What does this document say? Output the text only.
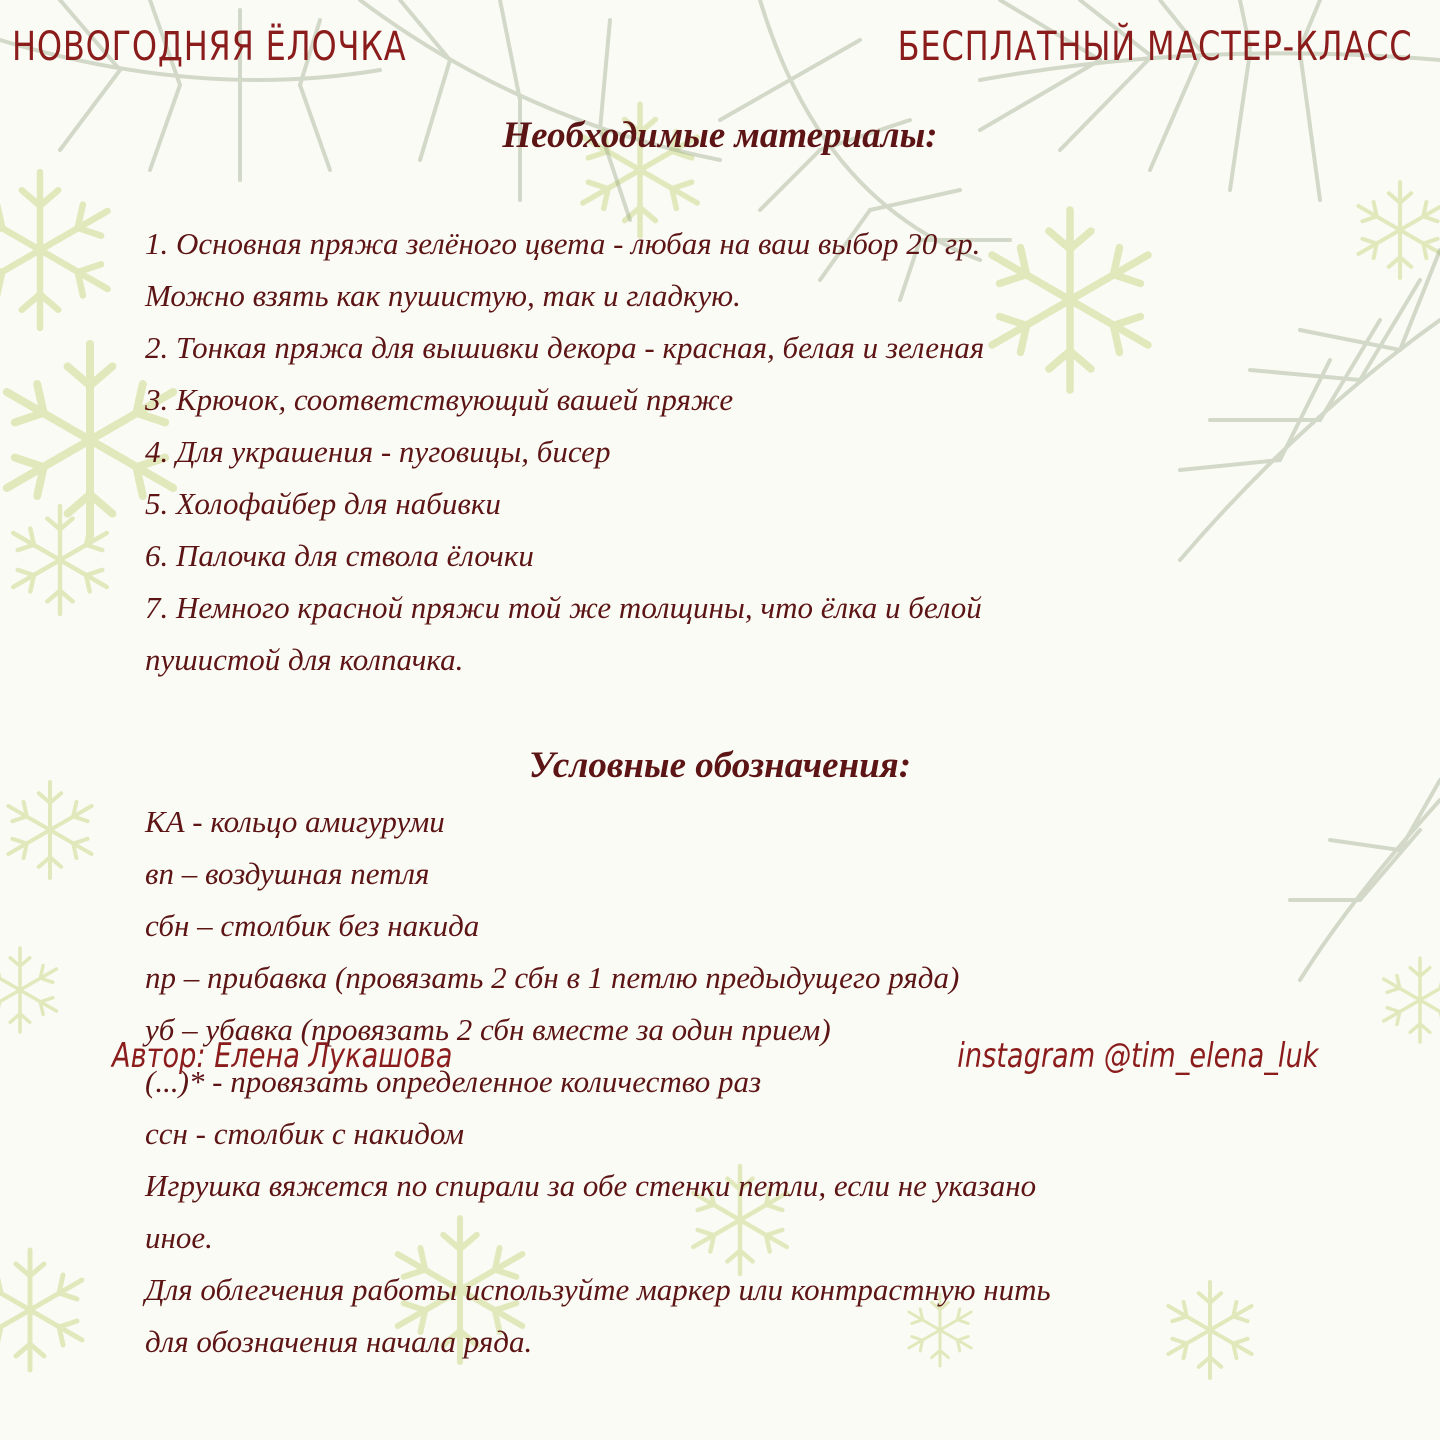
НОВОГОДНЯЯ ЁЛОЧКА	БЕСПЛАТНЫЙ МАСТЕР-КЛАСС
Необходимые материалы:
1. Основная пряжа зелёного цвета - любая на ваш выбор 20 гр.
Можно взять как пушистую, так и гладкую.
2. Тонкая пряжа для вышивки декора - красная, белая и зеленая
3. Крючок, соответствующий вашей пряже
4. Для украшения - пуговицы, бисер
5. Холофайбер для набивки
6. Палочка для ствола ёлочки
7. Немного красной пряжи той же толщины, что ёлка и белой
пушистой для колпачка.
Условные обозначения:
КА - кольцо амигуруми
вп – воздушная петля
сбн – столбик без накида
пр – прибавка (провязать 2 сбн в 1 петлю предыдущего ряда)
уб – убавка (провязать 2 сбн вместе за один прием)
(...)* - провязать определенное количество раз
ссн - столбик с накидом
Игрушка вяжется по спирали за обе стенки петли, если не указано
иное.
Для облегчения работы используйте маркер или контрастную нить
для обозначения начала ряда.
Автор: Елена Лукашова	instagram @tim_elena_luk
